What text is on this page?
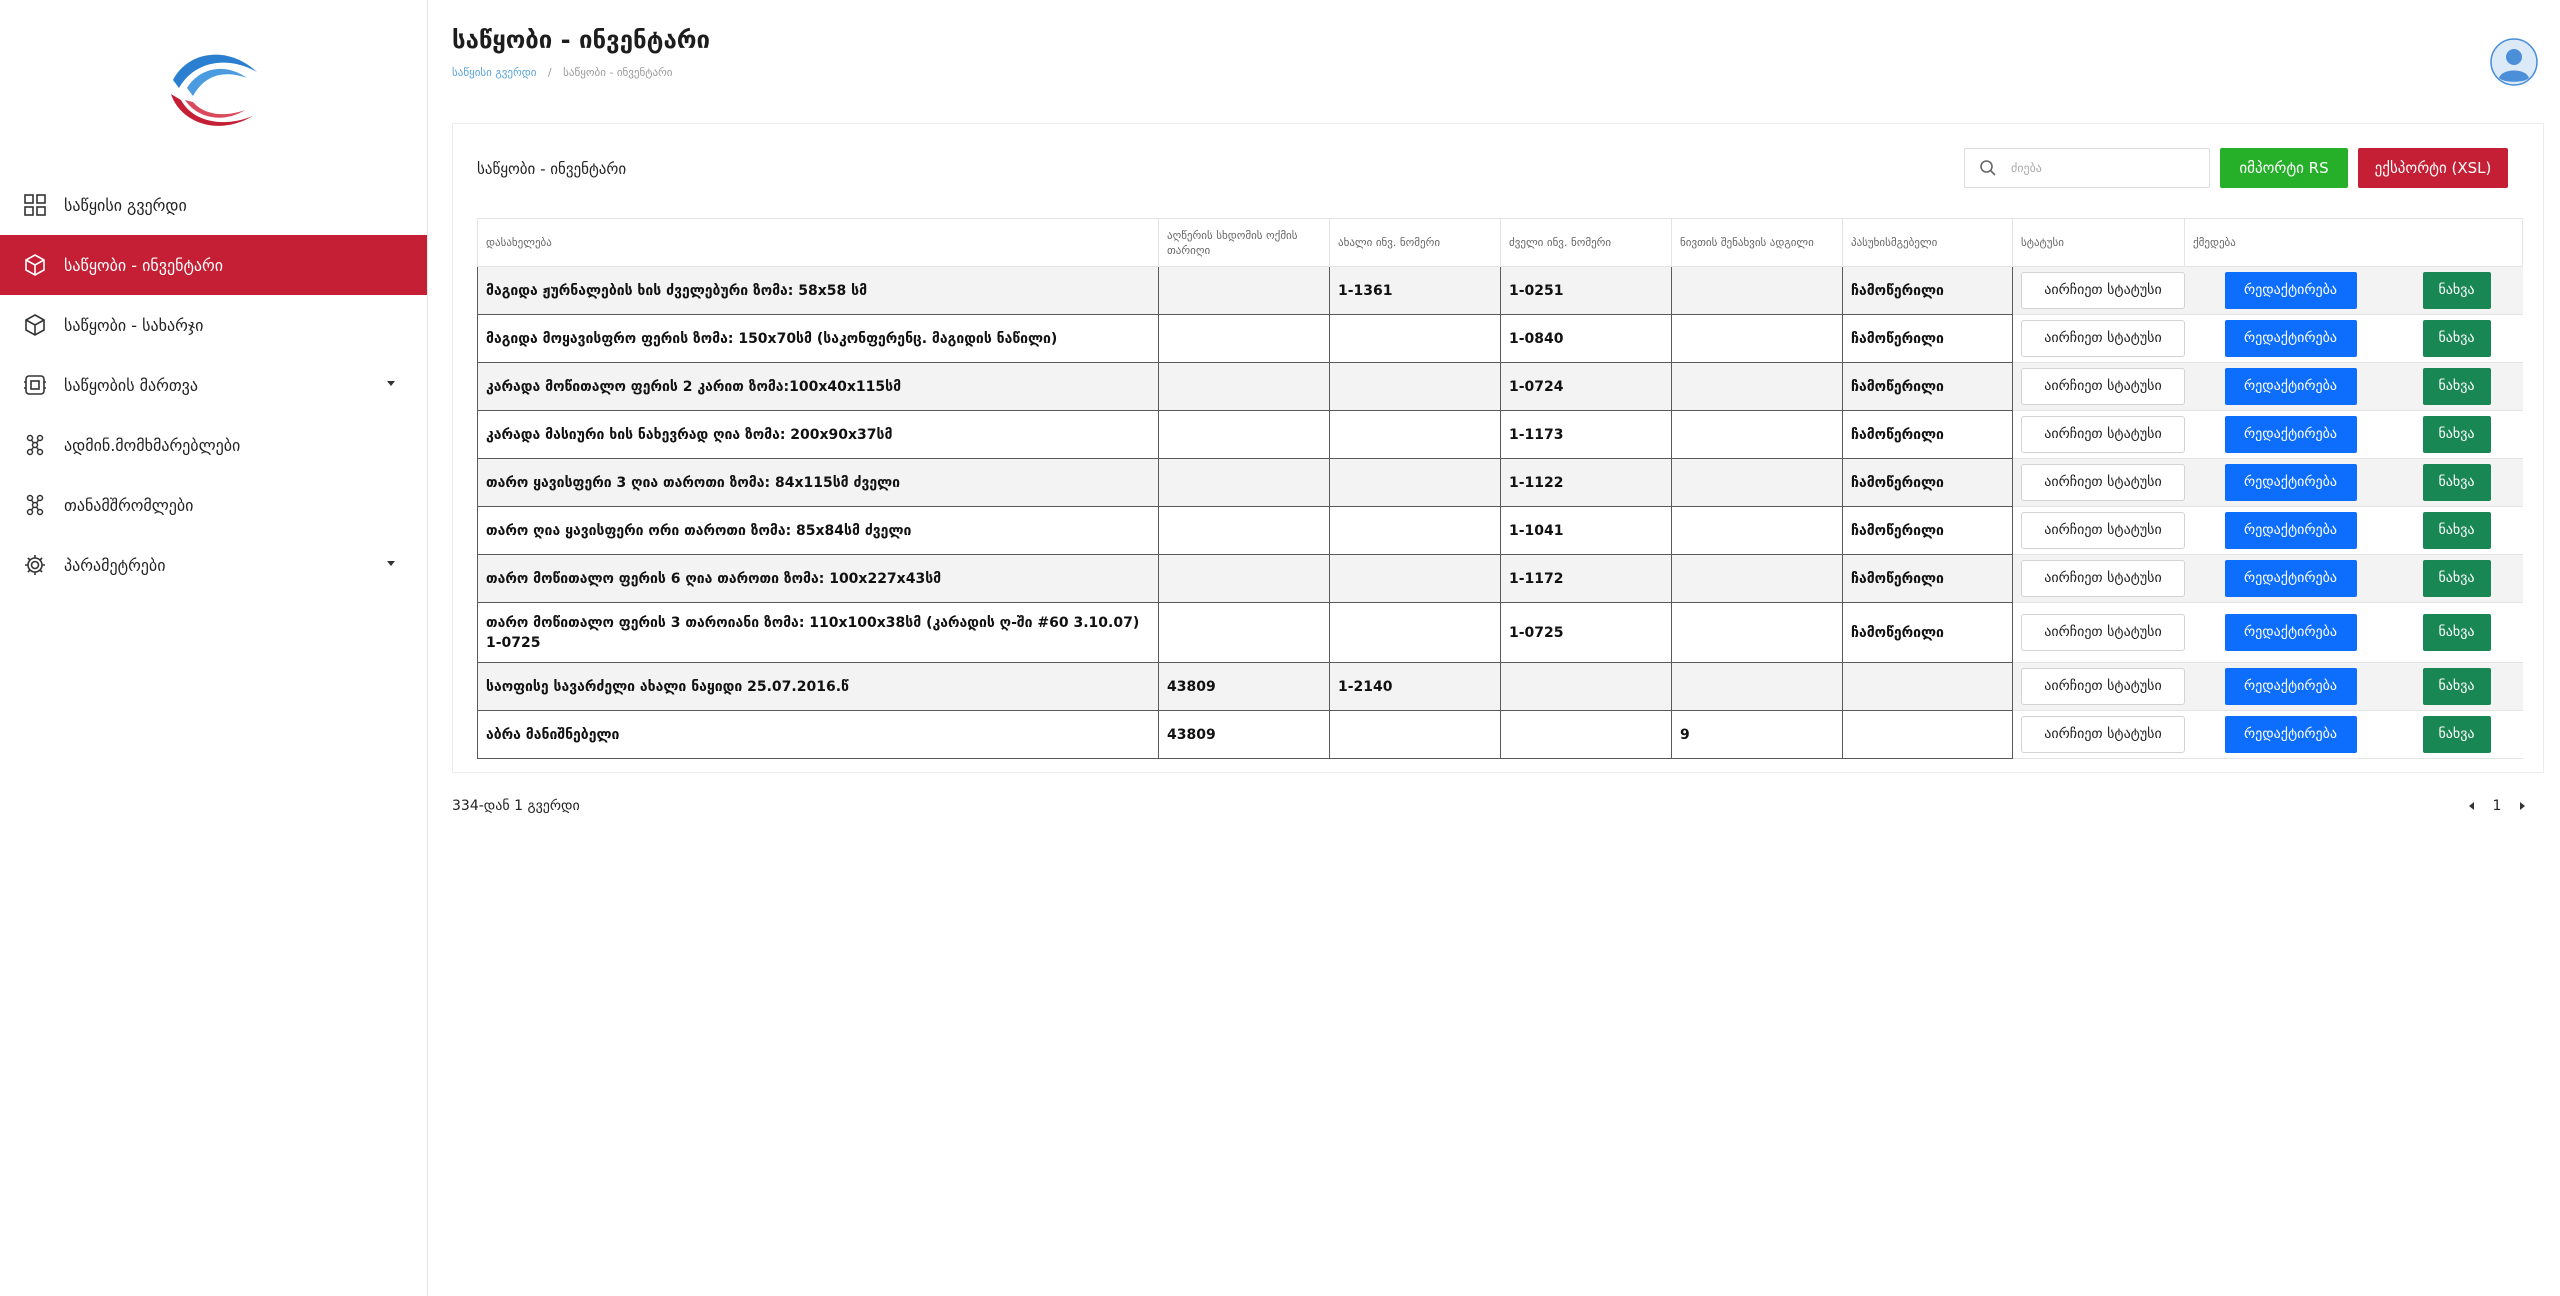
საწყისი გვერდი
საწყობი - ინვენტარი
საწყობი - სახარჯი
საწყობის მართვა
ადმინ.მომხმარებლები
თანამშრომლები
პარამეტრები
საწყობი - ინვენტარი
საწყისი გვერდი / საწყობი - ინვენტარი
საწყობი - ინვენტარი
ძიება	იმპორტი RS	ექსპორტი (XSL)
დასახელება	აღწერის სხდომის ოქმის თარიღი	ახალი ინვ. ნომერი	ძველი ინვ. ნომერი	ნივთის შენახვის ადგილი	პასუხისმგებელი	სტატუსი	ქმედება
მაგიდა ჟურნალების ხის ძველებური ზომა: 58x58 სმ		1-1361	1-0251		ჩამოწერილი	აირჩიეთ სტატუსი	რედაქტირება ნახვა
მაგიდა მოყავისფრო ფერის ზომა: 150x70სმ (საკონფერენც. მაგიდის ნაწილი)			1-0840		ჩამოწერილი	აირჩიეთ სტატუსი	რედაქტირება ნახვა
კარადა მოწითალო ფერის 2 კარით ზომა:100x40x115სმ			1-0724		ჩამოწერილი	აირჩიეთ სტატუსი	რედაქტირება ნახვა
კარადა მასიური ხის ნახევრად ღია ზომა: 200x90x37სმ			1-1173		ჩამოწერილი	აირჩიეთ სტატუსი	რედაქტირება ნახვა
თარო ყავისფერი 3 ღია თაროთი ზომა: 84x115სმ ძველი			1-1122		ჩამოწერილი	აირჩიეთ სტატუსი	რედაქტირება ნახვა
თარო ღია ყავისფერი ორი თაროთი ზომა: 85x84სმ ძველი			1-1041		ჩამოწერილი	აირჩიეთ სტატუსი	რედაქტირება ნახვა
თარო მოწითალო ფერის 6 ღია თაროთი ზომა: 100x227x43სმ			1-1172		ჩამოწერილი	აირჩიეთ სტატუსი	რედაქტირება ნახვა
თარო მოწითალო ფერის 3 თაროიანი ზომა: 110x100x38სმ (კარადის ღ-ში #60 3.10.07) 1-0725			1-0725		ჩამოწერილი	აირჩიეთ სტატუსი	რედაქტირება ნახვა
საოფისე სავარძელი ახალი ნაყიდი 25.07.2016.წ	43809	1-2140				აირჩიეთ სტატუსი	რედაქტირება ნახვა
აბრა მანიშნებელი	43809			9		აირჩიეთ სტატუსი	რედაქტირება ნახვა
334-დან 1 გვერდი	1
